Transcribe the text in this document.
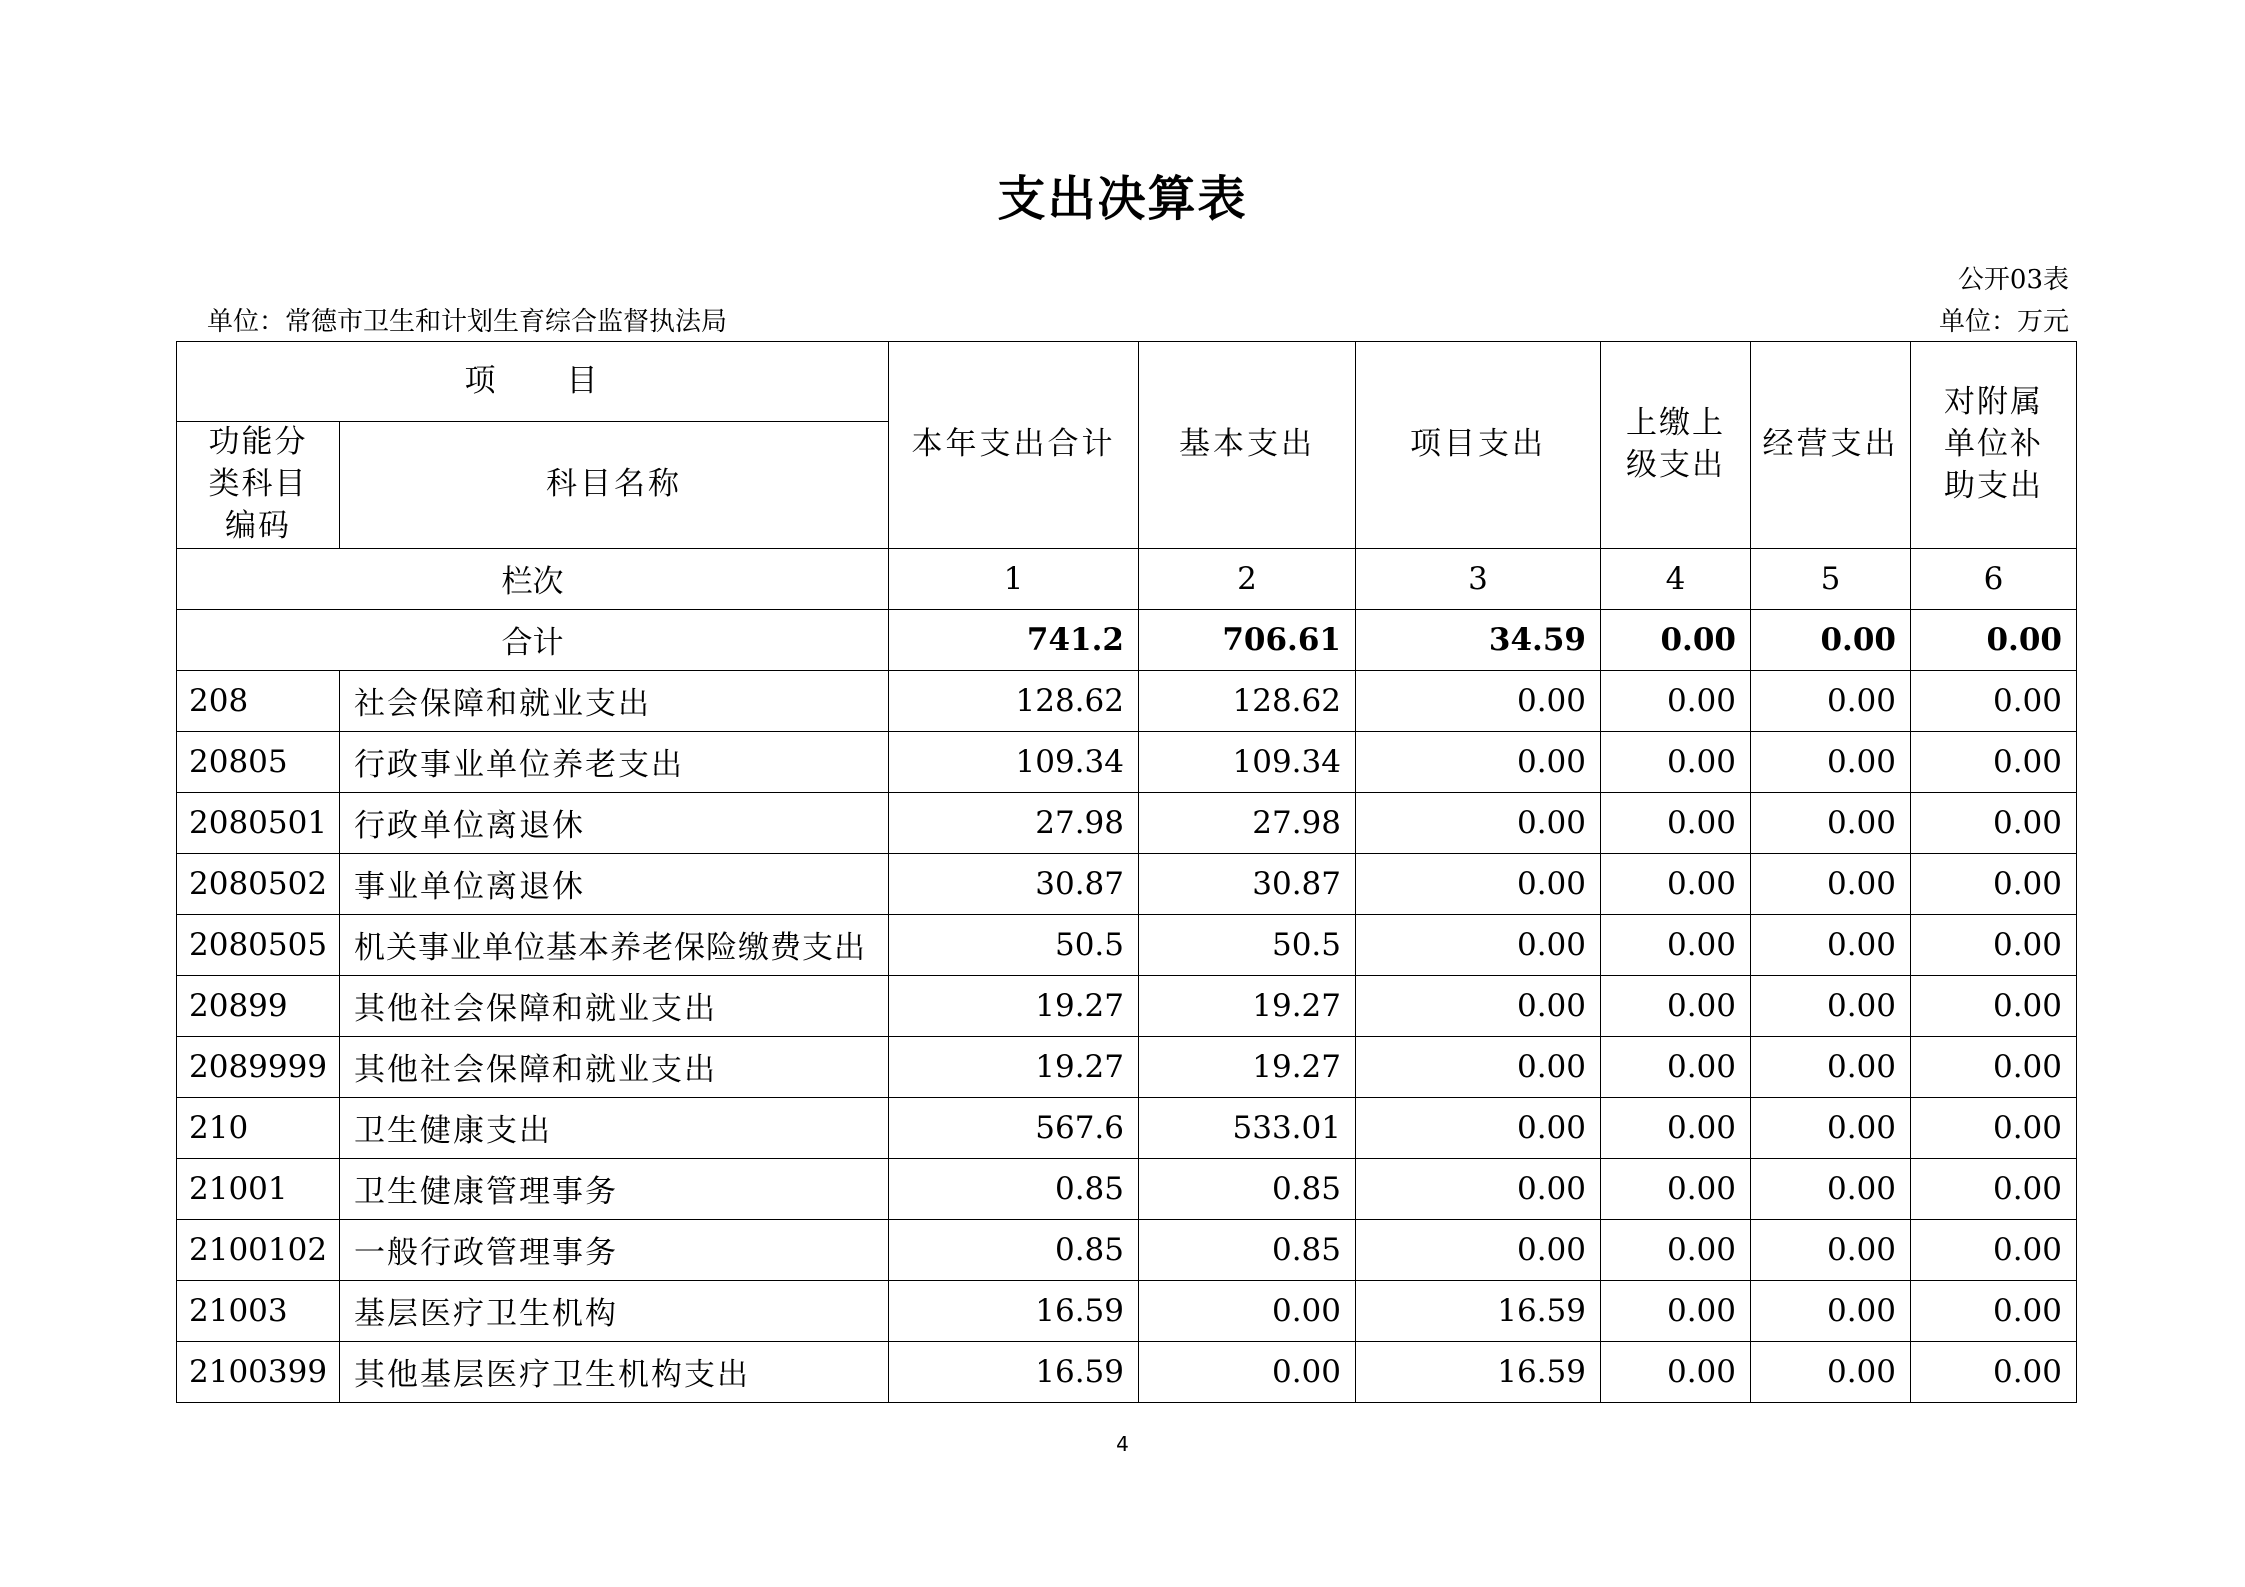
支出决算表
公开03表
单位：常德市卫生和计划生育综合监督执法局	单位：万元
项　　目		本年支出合计	基本支出	项目支出	上缴上级支出	经营支出	对附属单位补助支出

功能分类科目编码	科目名称						
栏次		1	2	3	4	5	6
合计		741.2	706.61	34.59	0.00	0.00	0.00
208	社会保障和就业支出	128.62	128.62	0.00	0.00	0.00	0.00
20805	行政事业单位养老支出	109.34	109.34	0.00	0.00	0.00	0.00
2080501	行政单位离退休	27.98	27.98	0.00	0.00	0.00	0.00
2080502	事业单位离退休	30.87	30.87	0.00	0.00	0.00	0.00
2080505	机关事业单位基本养老保险缴费支出	50.5	50.5	0.00	0.00	0.00	0.00
20899	其他社会保障和就业支出	19.27	19.27	0.00	0.00	0.00	0.00
2089999	其他社会保障和就业支出	19.27	19.27	0.00	0.00	0.00	0.00
210	卫生健康支出	567.6	533.01	0.00	0.00	0.00	0.00
21001	卫生健康管理事务	0.85	0.85	0.00	0.00	0.00	0.00
2100102	一般行政管理事务	0.85	0.85	0.00	0.00	0.00	0.00
21003	基层医疗卫生机构	16.59	0.00	16.59	0.00	0.00	0.00
2100399	其他基层医疗卫生机构支出	16.59	0.00	16.59	0.00	0.00	0.00
4
